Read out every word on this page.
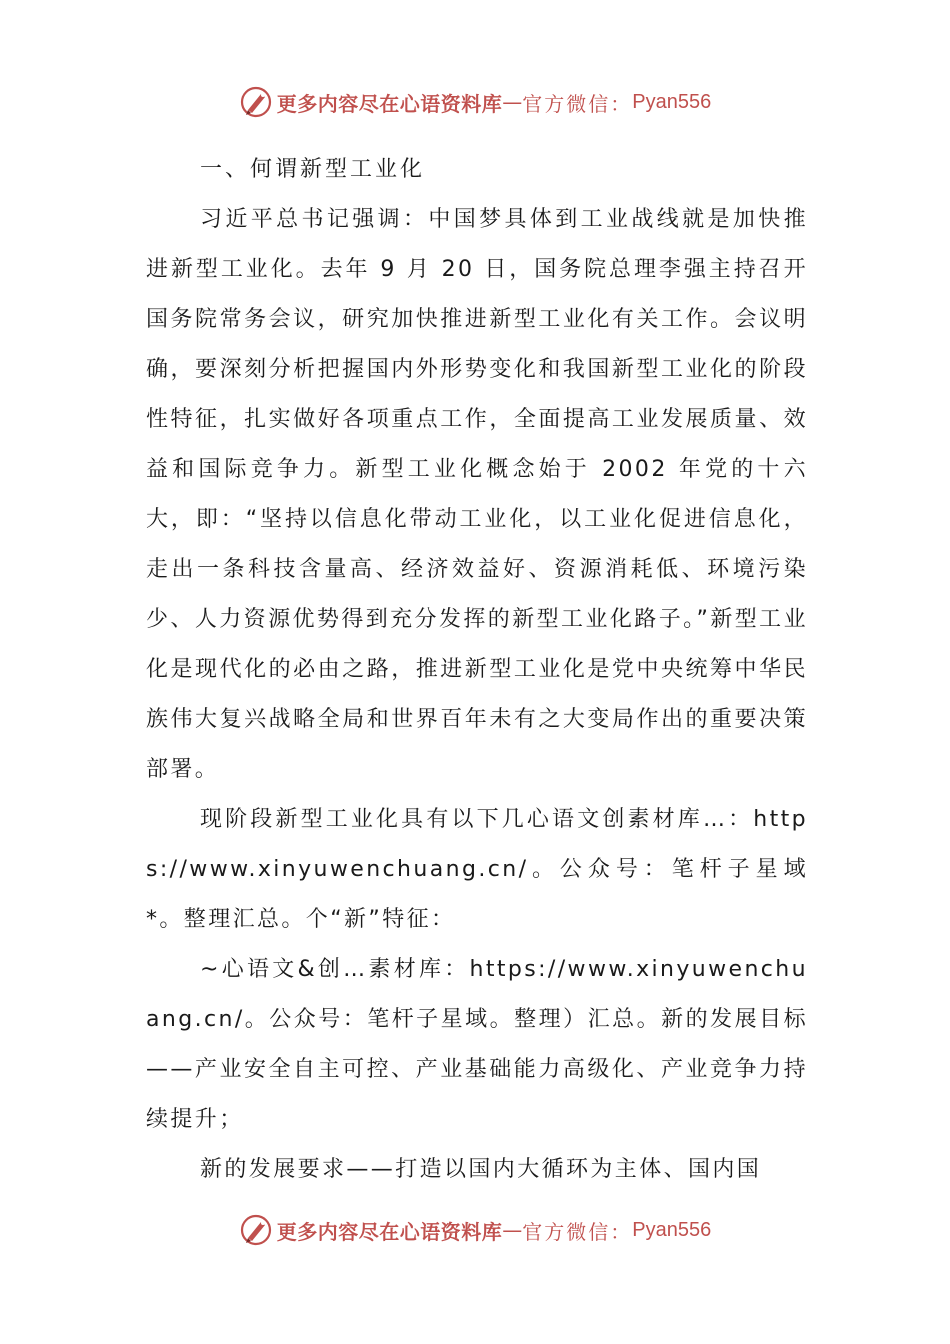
更多内容尽在心语资料库 — 官方微信： Pyan556
一、何谓新型工业化

习近平总书记强调：中国梦具体到工业战线就是加快推进新型工业化。去年 9 月 20 日，国务院总理李强主持召开国务院常务会议，研究加快推进新型工业化有关工作。会议明确，要深刻分析把握国内外形势变化和我国新型工业化的阶段性特征，扎实做好各项重点工作，全面提高工业发展质量、效益和国际竞争力。新型工业化概念始于 2002 年党的十六大，即：“坚持以信息化带动工业化，以工业化促进信息化，走出一条科技含量高、经济效益好、资源消耗低、环境污染少、人力资源优势得到充分发挥的新型工业化路子。”新型工业化是现代化的必由之路，推进新型工业化是党中央统筹中华民族伟大复兴战略全局和世界百年未有之大变局作出的重要决策部署。

现阶段新型工业化具有以下几心语文创素材库…：https://www.xinyuwenchuang.cn/。公众号：笔杆子星域*。整理汇总。个“新”特征：

~心语文&创…素材库：https://www.xinyuwenchuang.cn/。公众号：笔杆子星域。整理）汇总。新的发展目标——产业安全自主可控、产业基础能力高级化、产业竞争力持续提升；

新的发展要求——打造以国内大循环为主体、国内国

更多内容尽在心语资料库 — 官方微信： Pyan556
